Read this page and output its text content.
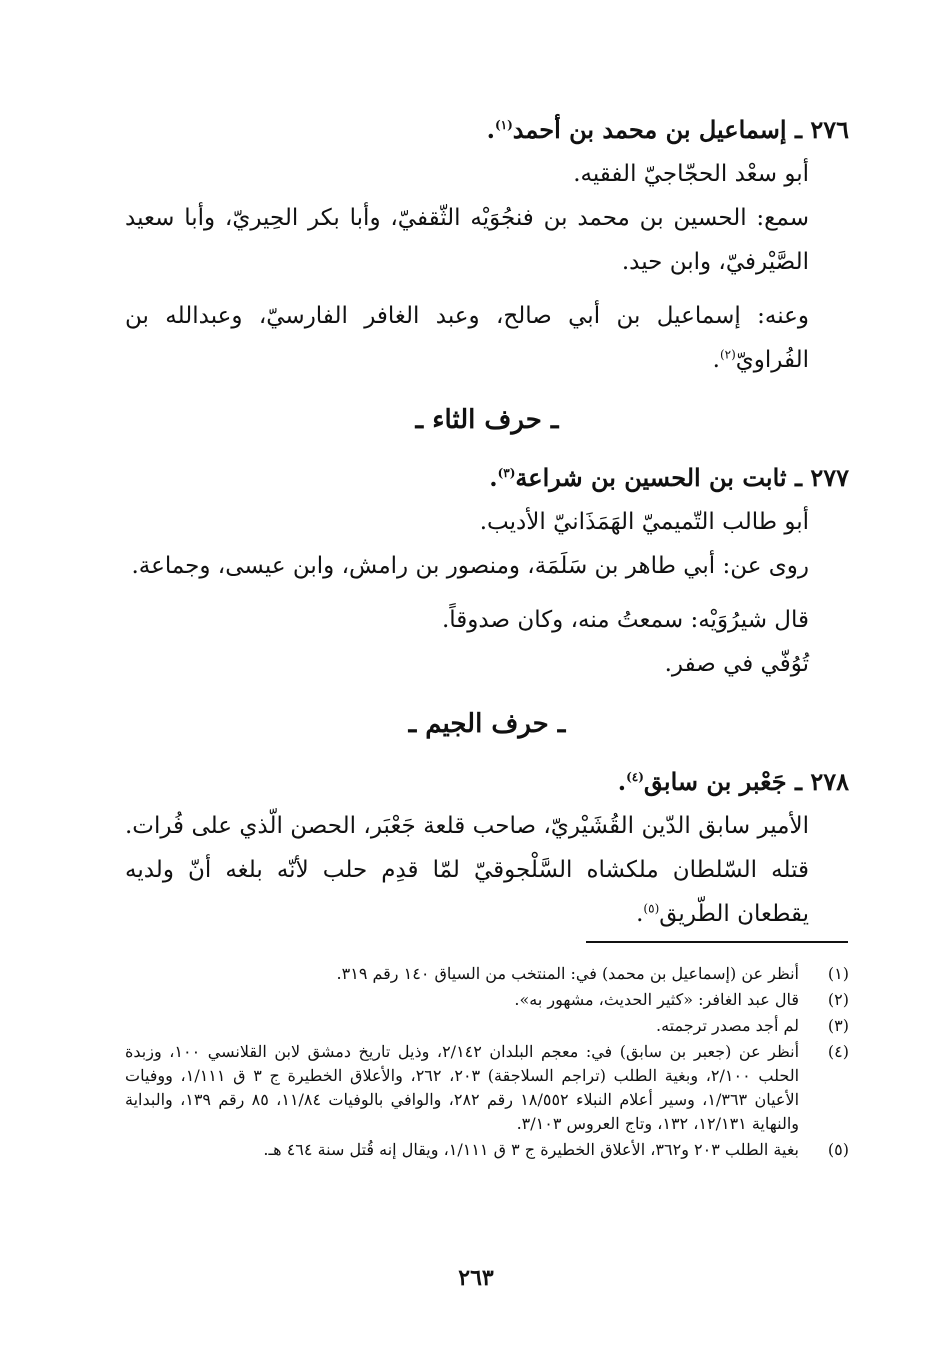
٢٧٦ ـ إسماعيل بن محمد بن أحمد$^{(١)}$.

أبو سعْد الحجّاجيّ الفقيه.

سمع: الحسين بن محمد بن فنجُوَيْه الثّقفيّ، وأبا بكر الحِيريّ، وأبا سعيد الصَّيْرفيّ، وابن حيد.

وعنه: إسماعيل بن أبي صالح، وعبد الغافر الفارسيّ، وعبدالله بن الفُراويّ$^{(٢)}$.

ـ حرف الثاء ـ

٢٧٧ ـ ثابت بن الحسين بن شراعة$^{(٣)}$.

أبو طالب التّميميّ الهَمَذَانيّ الأديب.

روى عن: أبي طاهر بن سَلَمَة، ومنصور بن رامش، وابن عيسى، وجماعة.

قال شيرُوَيْه: سمعتُ منه، وكان صدوقاً.

تُوُفّي في صفر.

ـ حرف الجيم ـ

٢٧٨ ـ جَعْبر بن سابق$^{(٤)}$.

الأمير سابق الدّين القُشَيْريّ، صاحب قلعة جَعْبَر، الحصن الّذي على فُرات. قتله السّلطان ملكشاه السَّلْجوقيّ لمّا قدِم حلب لأنّه بلغه أنّ ولديه يقطعان الطّريق$^{(٥)}$.

(١)
أنظر عن (إسماعيل بن محمد) في: المنتخب من السياق ١٤٠ رقم ٣١٩.
(٢)
قال عبد الغافر: «كثير الحديث، مشهور به».
(٣)
لم أجد مصدر ترجمته.
(٤)
أنظر عن (جعبر بن سابق) في: معجم البلدان ٢/١٤٢، وذيل تاريخ دمشق لابن القلانسي ١٠٠، وزبدة الحلب ٢/١٠٠، وبغية الطلب (تراجم السلاجقة) ٢٠٣، ٢٦٢، والأعلاق الخطيرة ج ٣ ق ١/١١١، ووفيات الأعيان ١/٣٦٣، وسير أعلام النبلاء ١٨/٥٥٢ رقم ٢٨٢، والوافي بالوفيات ١١/٨٤، ٨٥ رقم ١٣٩، والبداية والنهاية ١٢/١٣١، ١٣٢، وتاج العروس ٣/١٠٣.
(٥)
بغية الطلب ٢٠٣ و٣٦٢، الأعلاق الخطيرة ج ٣ ق ١/١١١، ويقال إنه قُتل سنة ٤٦٤ هـ.
٢٦٣
